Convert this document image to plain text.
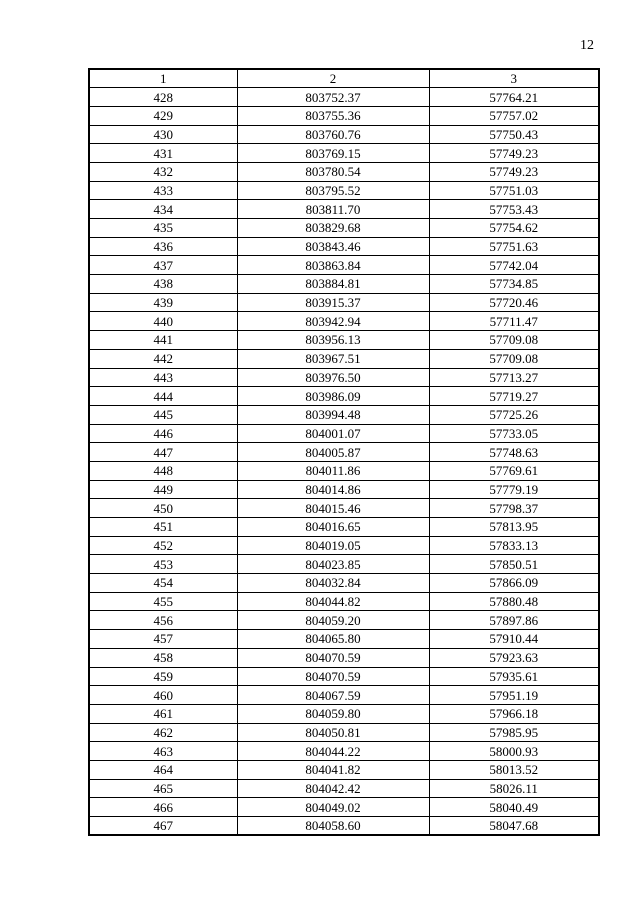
12
1	2	3
428	803752.37	57764.21
429	803755.36	57757.02
430	803760.76	57750.43
431	803769.15	57749.23
432	803780.54	57749.23
433	803795.52	57751.03
434	803811.70	57753.43
435	803829.68	57754.62
436	803843.46	57751.63
437	803863.84	57742.04
438	803884.81	57734.85
439	803915.37	57720.46
440	803942.94	57711.47
441	803956.13	57709.08
442	803967.51	57709.08
443	803976.50	57713.27
444	803986.09	57719.27
445	803994.48	57725.26
446	804001.07	57733.05
447	804005.87	57748.63
448	804011.86	57769.61
449	804014.86	57779.19
450	804015.46	57798.37
451	804016.65	57813.95
452	804019.05	57833.13
453	804023.85	57850.51
454	804032.84	57866.09
455	804044.82	57880.48
456	804059.20	57897.86
457	804065.80	57910.44
458	804070.59	57923.63
459	804070.59	57935.61
460	804067.59	57951.19
461	804059.80	57966.18
462	804050.81	57985.95
463	804044.22	58000.93
464	804041.82	58013.52
465	804042.42	58026.11
466	804049.02	58040.49
467	804058.60	58047.68
